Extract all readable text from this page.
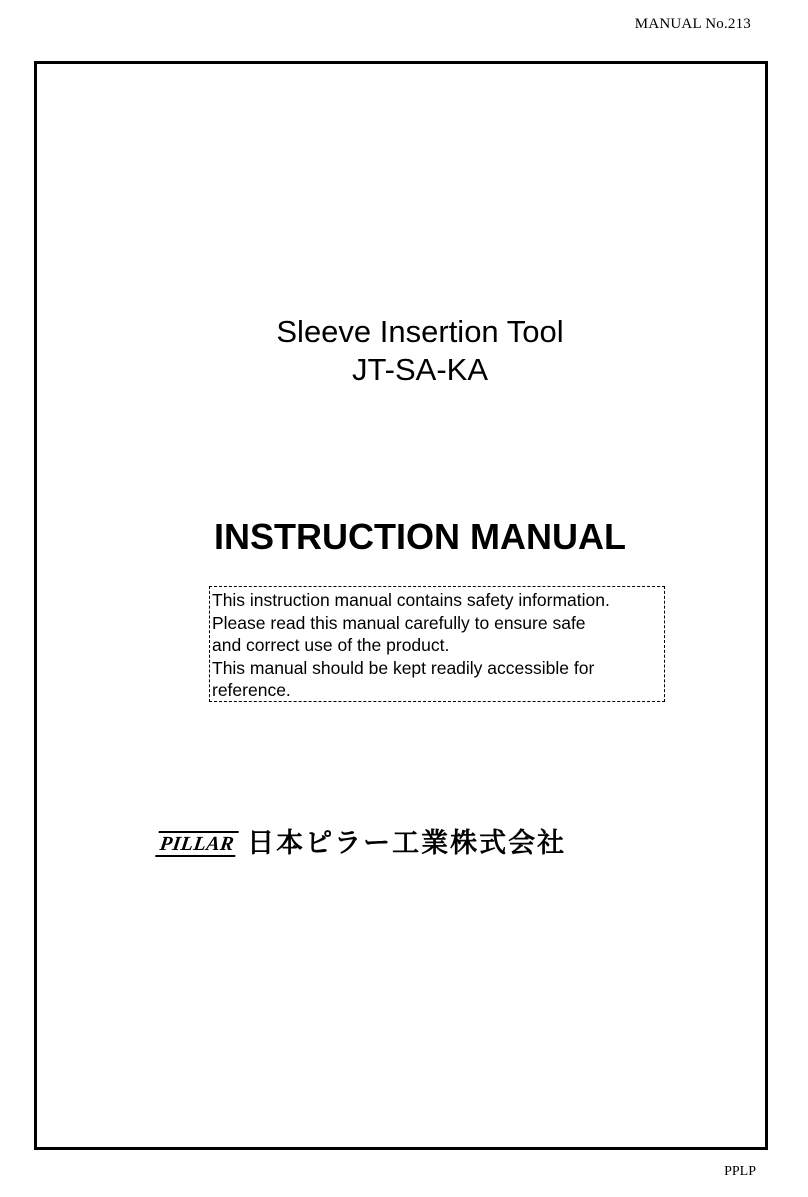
MANUAL No.213
Sleeve Insertion Tool
JT-SA-KA
INSTRUCTION MANUAL
This instruction manual contains safety information.
Please read this manual carefully to ensure safe
and correct use of the product.
This manual should be kept readily accessible for
reference.
PILLAR 日本ピラー工業株式会社
PPLP
